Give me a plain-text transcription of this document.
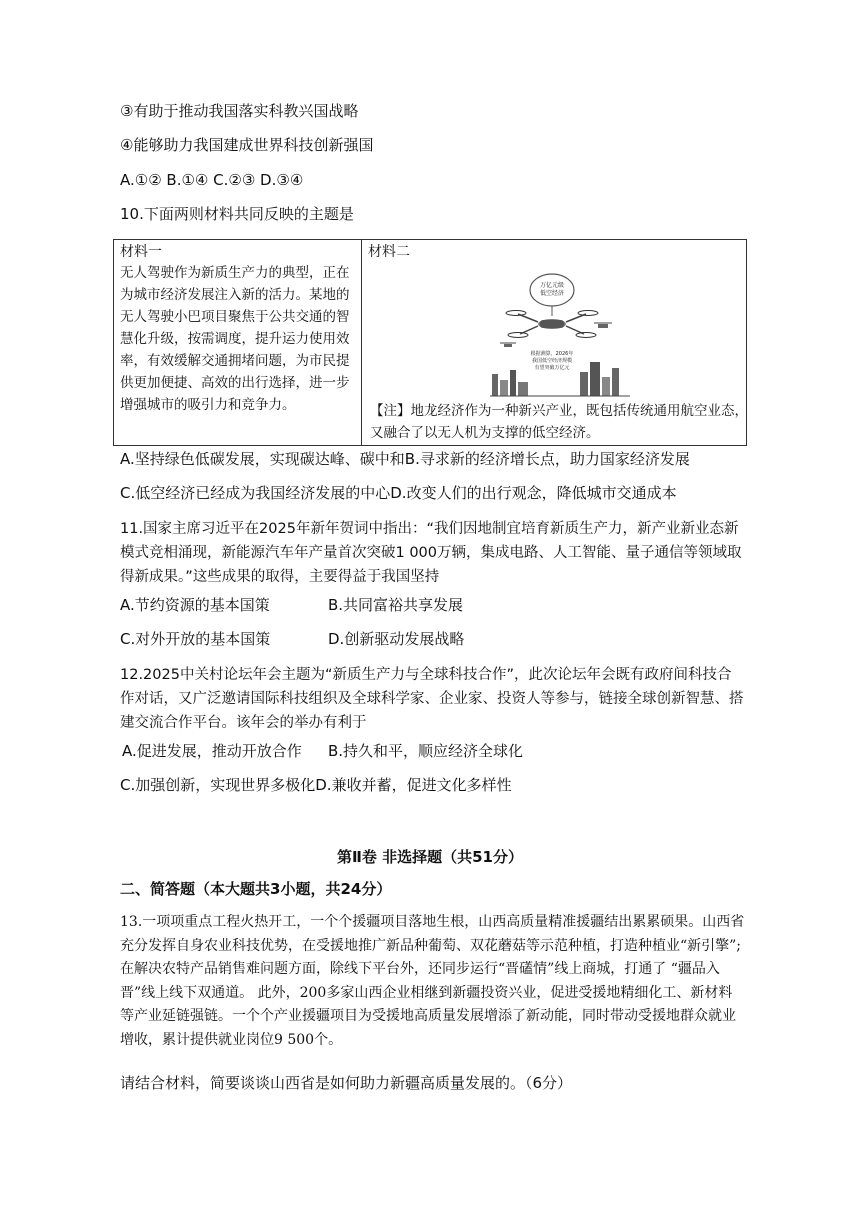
③有助于推动我国落实科教兴国战略
④能够助力我国建成世界科技创新强国
A.①② B.①④ C.②③ D.③④
10.下面两则材料共同反映的主题是
材料一
无人驾驶作为新质生产力的典型，正在为城市经济发展注入新的活力。某地的无人驾驶小巴项目聚焦于公共交通的智慧化升级，按需调度，提升运力使用效率，有效缓解交通拥堵问题，为市民提供更加便捷、高效的出行选择，进一步增强城市的吸引力和竞争力。

材料二
万亿元级
低空经济
根据测算，2026年
我国低空经济规模
有望突破万亿元
【注】地龙经济作为一种新兴产业，既包括传统通用航空业态，又融合了以无人机为支撑的低空经济。
A.坚持绿色低碳发展，实现碳达峰、碳中和B.寻求新的经济增长点，助力国家经济发展
C.低空经济已经成为我国经济发展的中心D.改变人们的出行观念，降低城市交通成本
11.国家主席习近平在2025年新年贺词中指出：“我们因地制宜培育新质生产力，新产业新业态新模式竞相涌现，新能源汽车年产量首次突破1 000万辆，集成电路、人工智能、量子通信等领域取得新成果。”这些成果的取得，主要得益于我国坚持
A.节约资源的基本国策	B.共同富裕共享发展
C.对外开放的基本国策	D.创新驱动发展战略
12.2025中关村论坛年会主题为“新质生产力与全球科技合作”，此次论坛年会既有政府间科技合作对话，又广泛邀请国际科技组织及全球科学家、企业家、投资人等参与，链接全球创新智慧、搭建交流合作平台。该年会的举办有利于
A.促进发展，推动开放合作 B.持久和平，顺应经济全球化
C.加强创新，实现世界多极化D.兼收并蓄，促进文化多样性
第Ⅱ卷 非选择题（共51分）
二、简答题（本大题共3小题，共24分）
13.一项项重点工程火热开工，一个个援疆项目落地生根，山西高质量精准援疆结出累累硕果。山西省充分发挥自身农业科技优势，在受援地推广新品种葡萄、双花蘑菇等示范种植，打造种植业“新引擎”;在解决农特产品销售难问题方面，除线下平台外，还同步运行“晋礚情”线上商城，打通了 “疆品入晋”线上线下双通道。 此外，200多家山西企业相继到新疆投资兴业，促进受援地精细化工、新材料等产业延链强链。一个个产业援疆项目为受援地高质量发展增添了新动能，同时带动受援地群众就业增收，累计提供就业岗位9 500个。
请结合材料，简要谈谈山西省是如何助力新疆高质量发展的。（6分）
